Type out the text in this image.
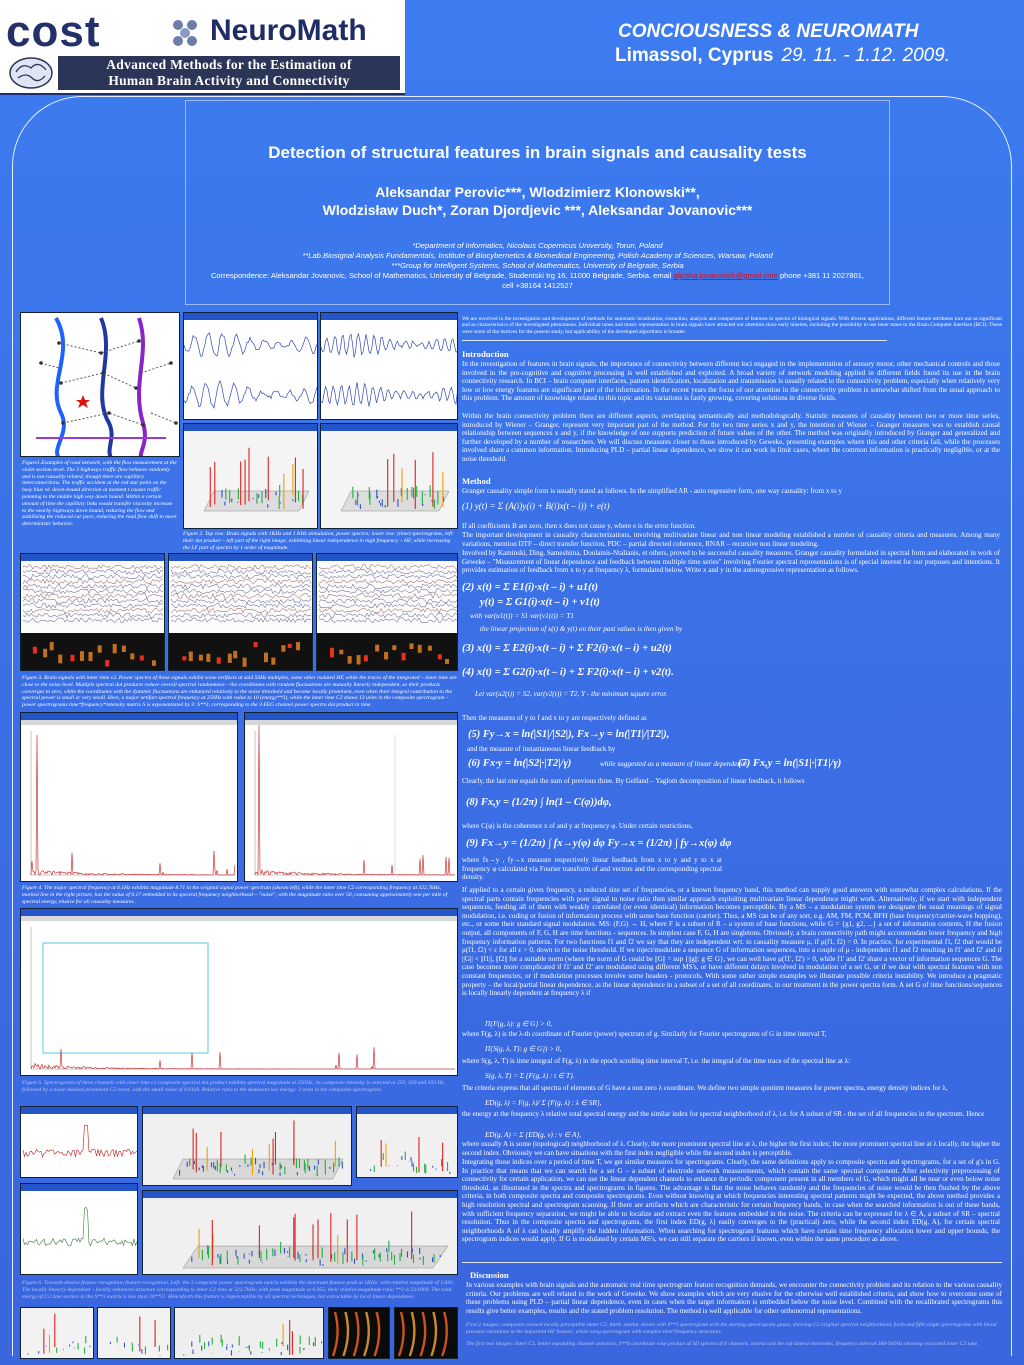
cost	NeuroMath
Advanced Methods for the Estimation of
Human Brain Activity and Connectivity
CONCIOUSNESS & NEUROMATH
Limassol, Cyprus 29. 11. - 1.12. 2009.
Detection of structural features in brain signals and causality tests
Aleksandar Perovic***, Wlodzimierz Klonowski**,
Wlodzisław Duch*, Zoran Djordjevic ***, Aleksandar Jovanovic***
*Department of Informatics, Nicolaus Copernicus University, Torun, Poland
**Lab.Biosignal Analysis Fundamentals, Institute of Biocybernetics & Biomedical Engineering, Polish Academy of Sciences, Warsaw, Poland
***Group for Intelligent Systems, School of Mathematics, University of Belgrade, Serbia
Correspondence: Aleksandar Jovanovic, School of Mathematics, University of Belgrade, Studentski trg 16, 11000 Belgrade, Serbia. email aljosha.jovanovich@gmail.com phone +381 11 2027801,
cell +38164 1412527
Figure1.Examples of road network, with the flow measurement at the violet section level. The 3 highways traffic flow behaves randomly and is not causality related, though there are capillary interconnections. The traffic accident at the red star point on the busy blue rd. down-bound direction at moment t causes traffic jamming to the middle high way down bound. Within a certain amount of time the capillary links would transfer viscosity increase to the nearby highways down bound, reducing the flow and stabilizing the reduced car pace, reducing the road flow shift to more deterministic behavior.
Figure 2. Top row: Brain signals with 1KHz and 1 KHz stimulation, power spectra; lower row: (time) spectrograms, left: their dot product – left part of the right image; exhibiting linear independence in high frequency – HF, while increasing the LF part of spectra by 1 order of magnitude.
Figure 3. Brain signals with inner time c2. Power spectra of these signals exhibit some artifacts at said 50Hz multiples, some other isolated HF, while the traces of the integrated – inner time are close to the noise level. Multiple spectral dot products reduce overall spectral randomness – the coordinates with random fluctuations are mutually linearly independent, so their products converges to zero, while the coordinates with the dynamic fluctuations are enhanced relatively to the noise threshold and become locally prominent, even when their integral contribution to the spectral power is small or very small. Here, a major artifact spectral frequency at 250Hz with value to 10 (energy**3), while the inner time C2 shows 13 units in the composite spectrogram – power spectrograms time*frequency*intensity matrix S is exponentiated by 3: S**3, corresponding to the 3 EEG channel power spectra dot product in time.
Figure 4. The major spectral frequency at 6.1Hz exhibits magnitude 8.71 in the original signal power spectrum (shown left), while the inner time C2 corresponding frequency at 322.7kHz, marked line in the right picture, has the value of 0.17 embedded in its spectral frequency neighborhood ~ "noise", with the magnitude ratio over 50, consuming approximately one per mile of spectral energy, elusive for all causality measures.
Figure 5. Spectrograms of three channels with inner time c2 composite spectral dot product exhibits spectral magnitude at 250Hz; its composite intensity is selected at 250, 330 and 350 Hz, followed by a noise-masked prominent C2 event, with the small value of 0.0116. Relative ratio to the dominant low energy: 3 units in the composite spectrogram.
Figure 6. Towards elusive feature recognition feature recognition. Left: the 3 composite power spectrogram matrix exhibits the dominant feature peak at 1KHz; with relative magnitude of 1/401. The locally linearly dependent – locally enhanced structure corresponding to inner C2 time at 322.7kHz; with peak magnitude at 0.055, their relative magnitude ratio **3 is 23/1000. The total energy of C2 time section in the S**3 matrix is less than 10**5!. Henceforth this feature is imperceptible by all spectral techniques, but extractable by local linear dependence.
We are involved in the investigation and development of methods for automatic localization, extraction, analysis and comparison of features in spectra of biological signals. With diverse applications, different feature attributes turn out as significant and as characteristics of the investigated phenomena. Individual tunes and music representation in brain signals have attracted our attention since early nineties, including the possibility to use inner tunes in the Brain Computer Interface (BCI). These were some of the motives for the present study, but applicability of the developed algorithms is broader.
Introduction
In the investigation of features in brain signals, the importance of connectivity between different loci engaged in the implementation of sensory motor, other mechanical controls and those involved in the pre-cognitive and cognitive processing is well established and exploited. A broad variety of network modeling applied in different fields found its use in the brain connectivity research. In BCI – brain computer interfaces, pattern identification, localization and transmission is usually related to the connectivity problem, especially when relatively very low or low energy features are significant part of the information. In the recent years the focus of our attention in the connectivity problem is somewhat shifted from the usual approach to this problem. The amount of knowledge related to this topic and its variations is fastly growing, covering solutions in diverse fields.
Within the brain connectivity problem there are different aspects, overlapping semantically and methodologically. Statistic measures of causality between two or more time series, introduced by Wiener – Granger, represent very important part of the method. For the two time series x and y, the intention of Wiener – Granger measures was to establish causal relationship between sequences x and y, if the knowledge of one supports prediction of future values of the other. The method was originally introduced by Granger and generalized and further developed by a number of researchers. We will discuss measures closer to those introduced by Geweke, presenting examples where this and other criteria fail, while the processes involved share a common information. Introducing PLD – partial linear dependence, we show it can work in limit cases, where the common information is practically negligible, or at the noise threshold.
Method
Granger causality simple form is usually stated as follows. In the simplified AR - auto regressive form, one way causality: from x to y
(1) y(t) = Σ (A(i)y(i) + B(i)x(t – i)) + e(t)
If all coefficients B are zero, then x does not cause y, where e is the error function.
The important development in causality characterizations, involving multivariate linear and non linear modeling established a number of causality criteria and measures. Among many variations, mention DTF – direct transfer function, PDC – partial directed coherence, RNAR – recursive non linear modeling.
Involved by Kaminski, Ding, Sameshima, Doulamis-Ntalianis, et others, proved to be successful causality measures. Granger causality formulated in spectral form and elaborated in work of Geweke – "Measurement of linear dependence and feedback between multiple time series" involving Fourier spectral representations is of special interest for our purposes and intentions. It provides estimation of feedback from x to y at frequency λ, formulated below. Write x and y in the autoregressive representation as follows.
(2) x(t) = Σ E1(i)·x(t – i) + u1(t)
y(t) = Σ G1(i)·x(t – i) + v1(t)
with var(u1(t)) = S1 var(v1(t)) = T1
the linear projection of x(t) & y(t) on their past values is then given by
(3) x(t) = Σ E2(i)·x(t – i) + Σ F2(i)·x(t – i) + u2(t)
(4) x(t) = Σ G2(i)·x(t – i) + Σ F2(i)·x(t – i) + v2(t).
Let var(u2(t)) = S2, var(v2(t)) = T2, Y - the minimum square error.
Then the measures of y to f and x to y are respectively defined as
(5) Fy→x = ln(|S1|/|S2|), Fx→y = ln(|T1|/|T2|),
and the measure of instantaneous linear feedback by
(6) Fx·y = ln(|S2|·|T2|/γ)	while suggested as a measure of linear dependence:
(7) Fx,y = ln(|S1|·|T1|/γ)
Clearly, the last one equals the sum of previous three. By Gelfand – Yaglom decomposition of linear feedback, it follows
(8) Fx,y = (1/2π) ∫ ln(1 – C(φ))dφ,
where C(φ) is the coherence x of and y at frequency φ. Under certain restrictions,
(9) Fx→y = (1/2π) ∫ fx→y(φ) dφ Fy→x = (1/2π) ∫ fy→x(φ) dφ
where fx→y , fy→x measure respectively linear feedback from x to y and y to x at frequency φ calculated via Fourier transform of and vectors and the corresponding spectral density.
If applied to a certain given frequency, a reduced size set of frequencies, or a known frequency band, this method can supply good answers with somewhat complex calculations. If the spectral parts contain frequencies with poor signal to noise ratio then similar approach exploiting multivariate linear dependence might work. Alternatively, if we start with independent sequences, feeding all of them with weakly correlated (or even identical) information becomes perceptible. By a MS – a modulation system we designate the usual meanings of signal modulation, i.e. coding or fusion of information process with some base function (carrier). Thus, a MS can be of any sort, e.g. AM, FM, PCM, BFH (base frequency/carrier-wave hopping), etc., or some their standard signal modulation. MS: (F,G) → H, where F is a subset of R – a system of base functions, while G = {g1, g2, ...} a set of information contents, H the fusion output, all components of F, G, H are time functions - sequences. In simplest case F, G, H are singletons. Obviously, a brain connectivity path might accommodate lower frequency and high frequency information patterns. For two functions f1 and f2 we say that they are independent wrt. to causality measure μ, if μ(f1, f2) = 0. In practice, for experimental f1, f2 that would be μ(f1, f2) < ε for all ε > 0, down to the noise threshold. If we inject/modulate a sequence G of information sequences, into a couple of μ - independent f1 and f2 resulting in f1' and f2' and if ||G|| < ||f1||, ||f2|| for a suitable norm (where the norm of G could be ||G|| = sup {||g||: g ∈ G}, we can well have μ(f1', f2') > 0, while f1' and f2' share a vector of information sequences G. The case becomes more complicated if f1' and f2' are modulated using different MS's, or have different delays involved in modulation of a set G, or if we deal with spectral features with non constant frequencies, or if modulation processes involve some headers - protocols. With some rather simple examples we illustrate possible criteria instability. We introduce a pragmatic property – the local/partial linear dependence, as the linear dependence in a subset of a set of all coordinates, in our treatment in the power spectra form. A set G of time functions/sequences is locally linearly dependent at frequency λ if
Π{F(g, λ): g ∈ G} > 0,
where F(g, λ) is the λ-th coordinate of Fourier (power) spectrum of g. Similarly for Fourier spectrograms of G in time interval T,
Π{S(g, λ, T): g ∈ G}) > 0,
where S(g, λ, T) is time integral of F(g, λ) in the epoch scrolling time interval T, i.e. the integral of the time trace of the spectral line at λ:
S(g, λ, T) = Σ {F(g, λ) : t ∈ T}.
The criteria express that all spectra of elements of G have a non zero λ coordinate. We define two simple quotient measures for power spectra, energy density indices for λ,
ED(g, λ) = F(g, λ)/ Σ {F(g, λ) : λ ∈ SR},
the energy at the frequency λ relative total spectral energy and the similar index for spectral neighborhood of λ, i.e. for A subset of SR - the set of all frequencies in the spectrum. Hence
ED(g, A) = Σ {ED(g, ν) : ν ∈ A},
where usually A is some (topological) neighborhood of λ. Clearly, the more prominent spectral line at λ, the higher the first index; the more prominent spectral line at λ locally, the higher the second index. Obviously we can have situations with the first index negligible while the second index is perceptible.
Integrating those indices over a period of time T, we get similar measures for spectrograms. Clearly, the same definitions apply to composite spectra and spectrograms, for a set of g's in G. In practice that means that we can search for a set G – a subset of electrode network measurements, which contain the same spectral component. After selectivity preprocessing of connectivity for certain application, we can use the linear dependent channels to enhance the periodic component present in all members of G, which might all be near or even below noise threshold, as illustrated in the spectra and spectrograms in figures. The advantage is that the noise behaves randomly and the frequencies of noise would be then flushed by the above criteria, in both composite spectra and composite spectrograms. Even without knowing at which frequencies interesting spectral patterns might be expected, the above method provides a high resolution spectral and spectrogram scanning. If there are artifacts which are characteristic for certain frequency bands, in case when the searched information is out of these bands, with sufficient frequency separation, we might be able to localize and extract even the features embedded in the noise. The criteria can be expressed for λ ∈ A, a subset of SR – spectral resolution. Thus in the composite spectra and spectrograms, the first index ED(g, λ) easily converges to the (practical) zero, while the second index ED(g, A), for certain spectral neighborhoods A of λ can locally amplify the hidden information. When searching for spectrogram features which have certain time frequency allocation lower and upper bounds, the spectrogram indices would apply. If G is modulated by certain MS's, we can still separate the carriers if known, even within the same procedure as above.
Discussion
In various examples with brain signals and the automatic real time spectrogram feature recognition demands, we encounter the connectivity problem and its relation to the various causality criteria. Our problems are well related to the work of Geweke. We show examples which are very elusive for the otherwise well established criteria, and show how to overcome some of these problems using PLD – partial linear dependence, even in cases when the target information is embedded below the noise level. Combined with the recalibrated spectrograms this results give better examples, results and the stated problem resolution. The method is well applicable for other orthonormal representations.
First 2 images: composite crossed locally perceptible inner C2, third: similar shown with S**3 spectrogram with the starting spectrogram gauss; showing C2 original spectral neighborhood, forth and fifth single spectrograms with blood pressure variations in the important HF feature; whole song spectrogram with complex time*frequency structures.
The first two images: Inner C2, better expanding channel selection, S**6 coordinate wise product of 3D spectra of 6 channels, lateral and the top lateral electrodes, frequency interval 380-940Hz showing extracted inner C2 tune.
